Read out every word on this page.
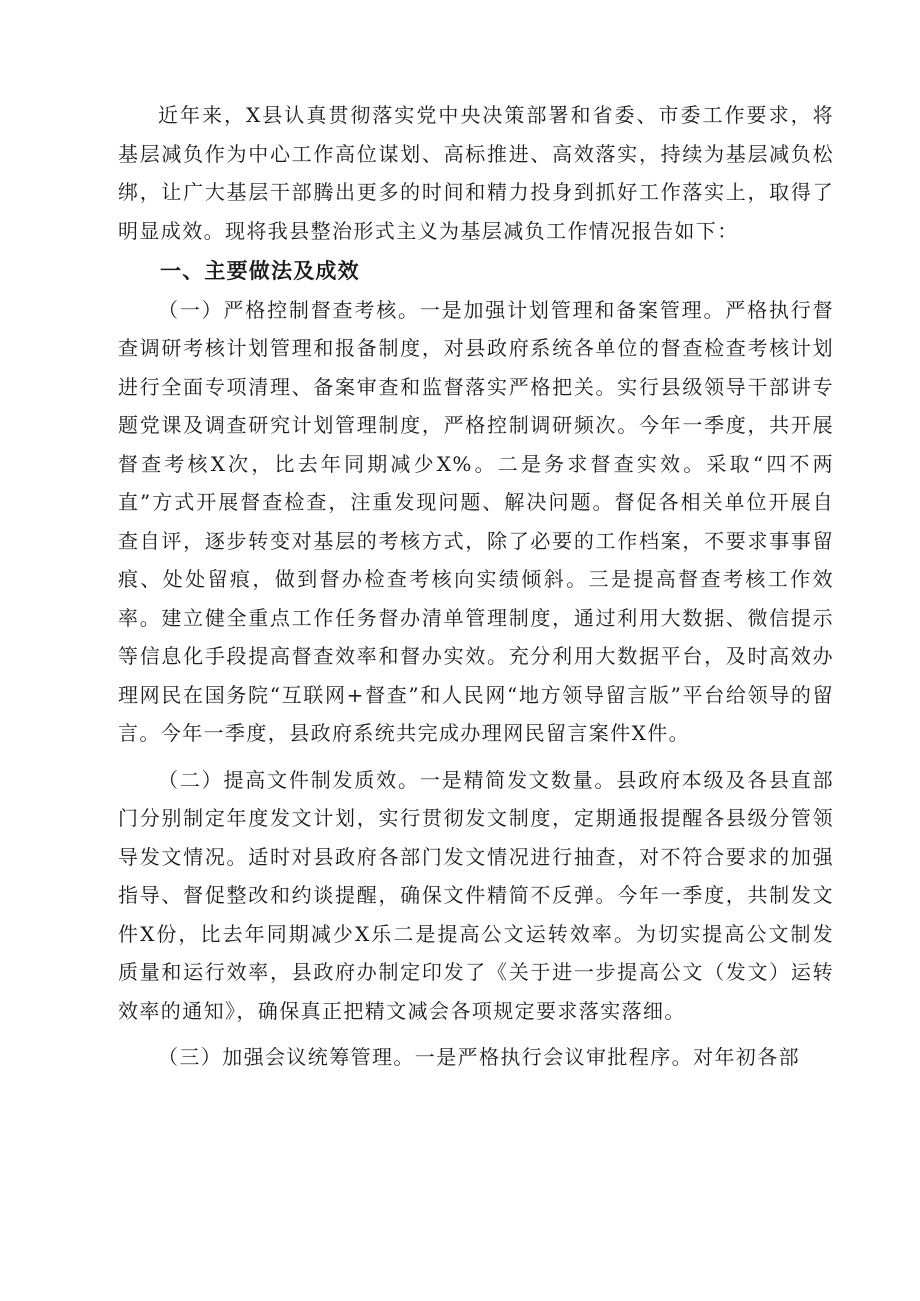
近年来，X县认真贯彻落实党中央决策部署和省委、市委工作要求，将基层减负作为中心工作高位谋划、高标推进、高效落实，持续为基层减负松绑，让广大基层干部腾出更多的时间和精力投身到抓好工作落实上，取得了明显成效。现将我县整治形式主义为基层减负工作情况报告如下：

一、主要做法及成效

（一）严格控制督查考核。一是加强计划管理和备案管理。严格执行督查调研考核计划管理和报备制度，对县政府系统各单位的督查检查考核计划进行全面专项清理、备案审查和监督落实严格把关。实行县级领导干部讲专题党课及调查研究计划管理制度，严格控制调研频次。今年一季度，共开展督查考核X次，比去年同期减少X%。二是务求督查实效。采取“四不两直”方式开展督查检查，注重发现问题、解决问题。督促各相关单位开展自查自评，逐步转变对基层的考核方式，除了必要的工作档案，不要求事事留痕、处处留痕，做到督办检查考核向实绩倾斜。三是提高督查考核工作效率。建立健全重点工作任务督办清单管理制度，通过利用大数据、微信提示等信息化手段提高督查效率和督办实效。充分利用大数据平台，及时高效办理网民在国务院“互联网+督查”和人民网“地方领导留言版”平台给领导的留言。今年一季度，县政府系统共完成办理网民留言案件X件。

（二）提高文件制发质效。一是精简发文数量。县政府本级及各县直部门分别制定年度发文计划，实行贯彻发文制度，定期通报提醒各县级分管领导发文情况。适时对县政府各部门发文情况进行抽查，对不符合要求的加强指导、督促整改和约谈提醒，确保文件精简不反弹。今年一季度，共制发文件X份，比去年同期减少X乐二是提高公文运转效率。为切实提高公文制发质量和运行效率，县政府办制定印发了《关于进一步提高公文（发文）运转效率的通知》，确保真正把精文减会各项规定要求落实落细。

（三）加强会议统筹管理。一是严格执行会议审批程序。对年初各部
